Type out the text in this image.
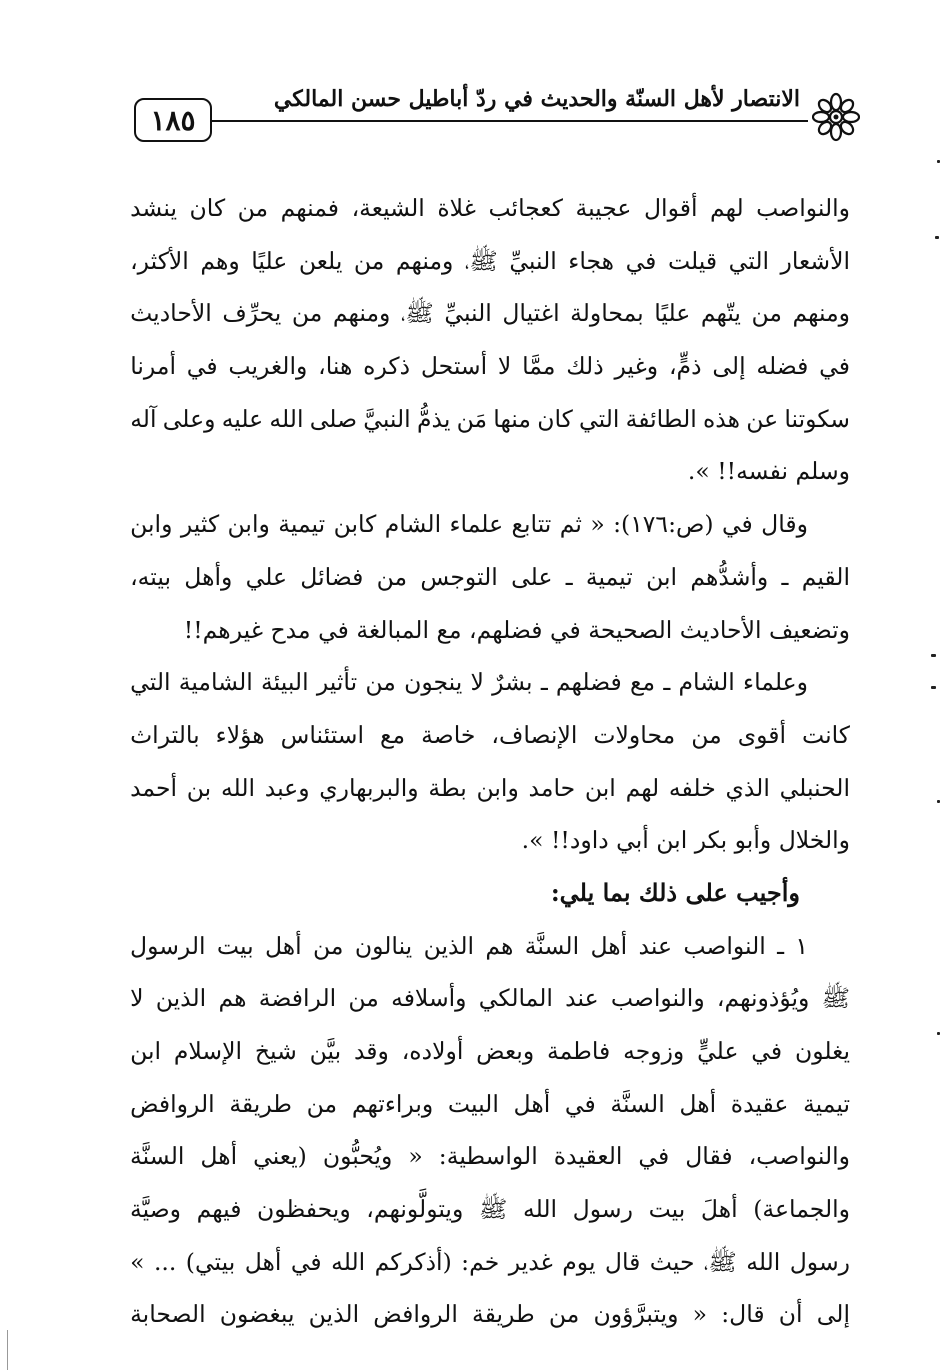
١٨٥
الانتصار لأهل السنّة والحديث في ردّ أباطيل حسن المالكي
والنواصب
لهم
أقوال
عجيبة
كعجائب
غلاة
الشيعة،
فمنهم
من
كان
ينشد
الأشعار
التي
قيلت
في
هجاء
النبيِّ
ﷺ،
ومنهم
من
يلعن
عليًا
وهم
الأكثر،
ومنهم
من
يتّهم
عليًا
بمحاولة
اغتيال
النبيِّ
ﷺ،
ومنهم
من
يحرِّف
الأحاديث
في
فضله
إلى
ذمٍّ،
وغير
ذلك
ممَّا
لا
أستحل
ذكره
هنا،
والغريب
في
أمرنا
سكوتنا
عن
هذه
الطائفة
التي
كان
منها
مَن
يذمُّ
النبيَّ
صلى
الله
عليه
وعلى
آله
وسلم نفسه!! ».
وقال
في
(ص:١٧٦):
«
ثم
تتابع
علماء
الشام
كابن
تيمية
وابن
كثير
وابن
القيم
ـ
وأشدُّهم
ابن
تيمية
ـ
على
التوجس
من
فضائل
علي
وأهل
بيته،
وتضعيف الأحاديث الصحيحة في فضلهم، مع المبالغة في مدح غيرهم!!
وعلماء
الشام
ـ
مع
فضلهم
ـ
بشرٌ
لا
ينجون
من
تأثير
البيئة
الشامية
التي
كانت
أقوى
من
محاولات
الإنصاف،
خاصة
مع
استئناس
هؤلاء
بالتراث
الحنبلي
الذي
خلفه
لهم
ابن
حامد
وابن
بطة
والبربهاري
وعبد
الله
بن
أحمد
والخلال وأبو بكر ابن أبي داود!! ».
وأجيب على ذلك بما يلي:
١
ـ
النواصب
عند
أهل
السنَّة
هم
الذين
ينالون
من
أهل
بيت
الرسول
ﷺ
ويُؤذونهم،
والنواصب
عند
المالكي
وأسلافه
من
الرافضة
هم
الذين
لا
يغلون
في
عليٍّ
وزوجه
فاطمة
وبعض
أولاده،
وقد
بيَّن
شيخ
الإسلام
ابن
تيمية
عقيدة
أهل
السنَّة
في
أهل
البيت
وبراءتهم
من
طريقة
الروافض
والنواصب،
فقال
في
العقيدة
الواسطية:
«
ويُحبُّون
(يعني
أهل
السنَّة
والجماعة)
أهلَ
بيت
رسول
الله
ﷺ
ويتولَّونهم،
ويحفظون
فيهم
وصيَّة
رسول
الله
ﷺ،
حيث
قال
يوم
غدير
خم:
(أذكركم
الله
في
أهل
بيتي)
...
»
إلى
أن
قال:
«
ويتبرَّؤون
من
طريقة
الروافض
الذين
يبغضون
الصحابة
